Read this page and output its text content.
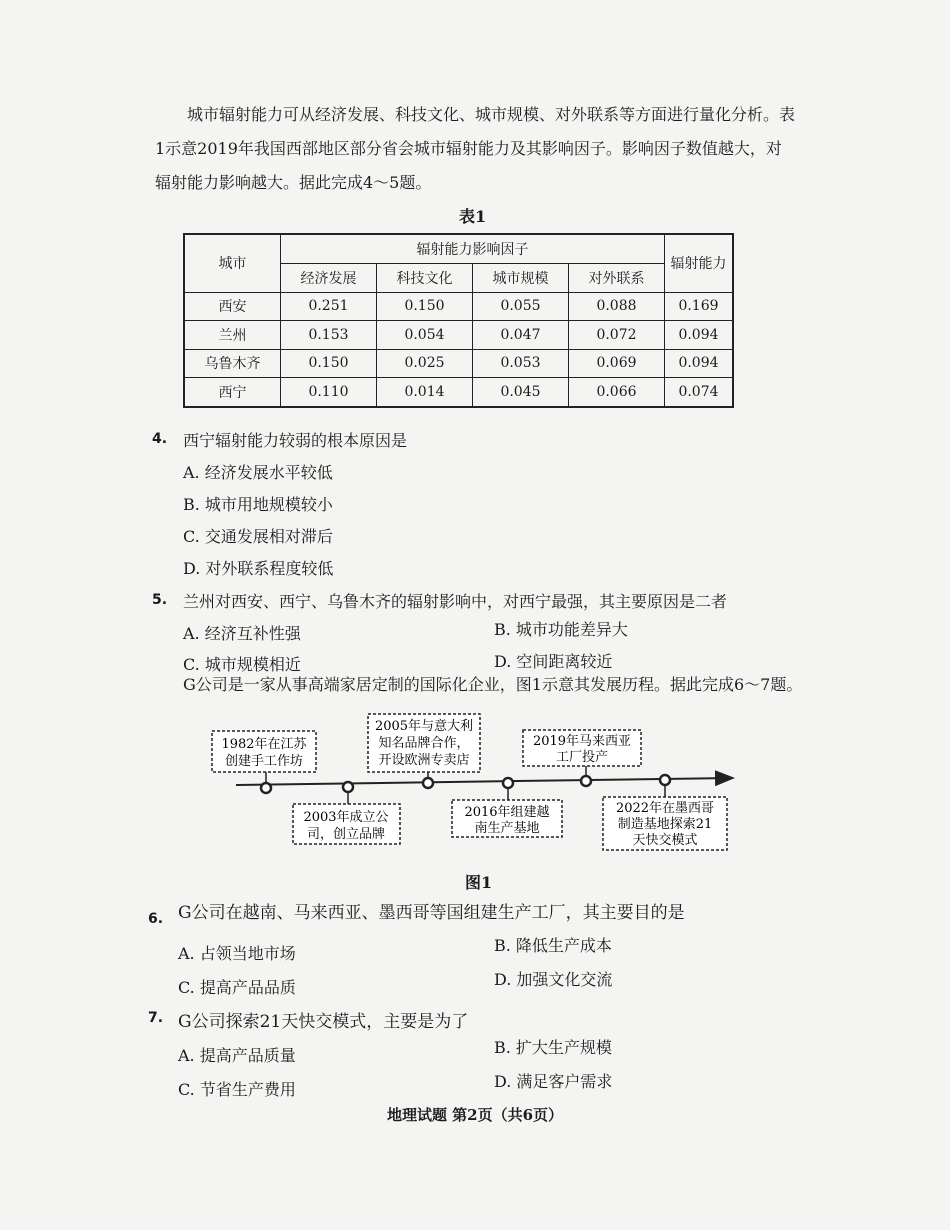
城市辐射能力可从经济发展、科技文化、城市规模、对外联系等方面进行量化分析。表
1示意2019年我国西部地区部分省会城市辐射能力及其影响因子。影响因子数值越大，对
辐射能力影响越大。据此完成4～5题。
表1
城市	辐射能力影响因子				辐射能力
	经济发展	科技文化	城市规模	对外联系	
西安	0.251	0.150	0.055	0.088	0.169
兰州	0.153	0.054	0.047	0.072	0.094
乌鲁木齐	0.150	0.025	0.053	0.069	0.094
西宁	0.110	0.014	0.045	0.066	0.074
4. 西宁辐射能力较弱的根本原因是
A. 经济发展水平较低
B. 城市用地规模较小
C. 交通发展相对滞后
D. 对外联系程度较低
5. 兰州对西安、西宁、乌鲁木齐的辐射影响中，对西宁最强，其主要原因是二者
A. 经济互补性强	B. 城市功能差异大
C. 城市规模相近	D. 空间距离较近
G公司是一家从事高端家居定制的国际化企业，图1示意其发展历程。据此完成6～7题。
1982年在江苏
创建手工作坊
2005年与意大利
知名品牌合作，
开设欧洲专卖店
2019年马来西亚
工厂投产
2003年成立公
司，创立品牌
2016年组建越
南生产基地
2022年在墨西哥
制造基地探索21
天快交模式
图1
6. G公司在越南、马来西亚、墨西哥等国组建生产工厂，其主要目的是
A. 占领当地市场	B. 降低生产成本
C. 提高产品品质	D. 加强文化交流
7. G公司探索21天快交模式，主要是为了
A. 提高产品质量	B. 扩大生产规模
C. 节省生产费用	D. 满足客户需求
地理试题 第2页（共6页）
